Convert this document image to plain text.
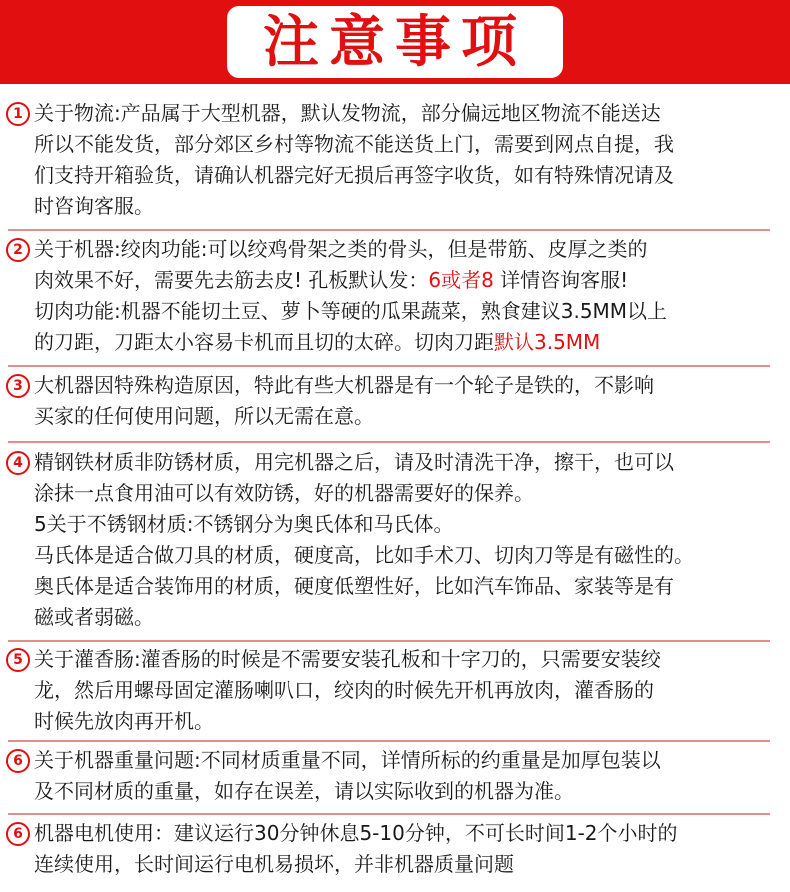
注意事项
1 关于物流:产品属于大型机器，默认发物流，部分偏远地区物流不能送达
所以不能发货，部分郊区乡村等物流不能送货上门，需要到网点自提，我
们支持开箱验货，请确认机器完好无损后再签字收货，如有特殊情况请及
时咨询客服。
2 关于机器:绞肉功能:可以绞鸡骨架之类的骨头，但是带筋、皮厚之类的
肉效果不好，需要先去筋去皮! 孔板默认发：6或者8 详情咨询客服!
切肉功能:机器不能切土豆、萝卜等硬的瓜果蔬菜，熟食建议3.5MM以上
的刀距，刀距太小容易卡机而且切的太碎。切肉刀距默认3.5MM
3 大机器因特殊构造原因，特此有些大机器是有一个轮子是铁的，不影响
买家的任何使用问题，所以无需在意。
4 精钢铁材质非防锈材质，用完机器之后，请及时清洗干净，擦干，也可以
涂抹一点食用油可以有效防锈，好的机器需要好的保养。
5关于不锈钢材质:不锈钢分为奥氏体和马氏体。
马氏体是适合做刀具的材质，硬度高，比如手术刀、切肉刀等是有磁性的。
奥氏体是适合装饰用的材质，硬度低塑性好，比如汽车饰品、家装等是有
磁或者弱磁。
5 关于灌香肠:灌香肠的时候是不需要安装孔板和十字刀的，只需要安装绞
龙，然后用螺母固定灌肠喇叭口，绞肉的时候先开机再放肉，灌香肠的
时候先放肉再开机。
6 关于机器重量问题:不同材质重量不同，详情所标的约重量是加厚包装以
及不同材质的重量，如存在误差，请以实际收到的机器为准。
6 机器电机使用：建议运行30分钟休息5-10分钟，不可长时间1-2个小时的
连续使用，长时间运行电机易损坏，并非机器质量问题
